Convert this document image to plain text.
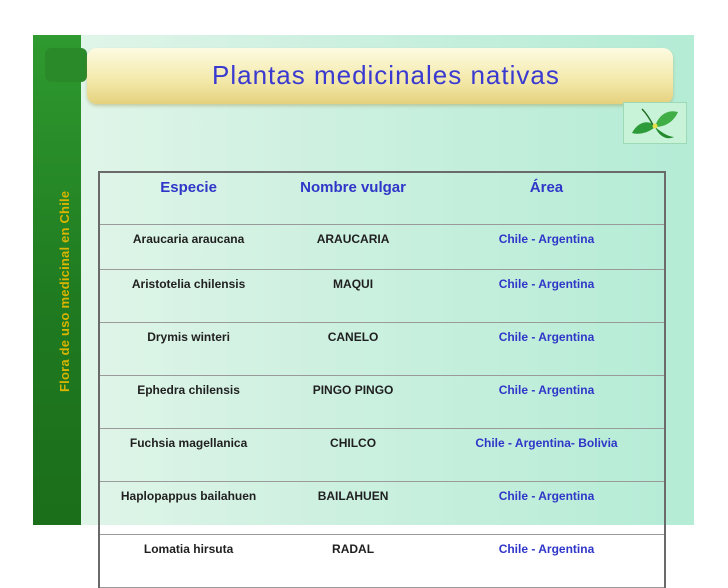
Flora de uso medicinal en Chile
Plantas medicinales nativas
Especie	Nombre vulgar	Área
Araucaria araucana	ARAUCARIA	Chile - Argentina
Aristotelia chilensis	MAQUI	Chile - Argentina
Drymis winteri	CANELO	Chile - Argentina
Ephedra chilensis	PINGO PINGO	Chile - Argentina
Fuchsia magellanica	CHILCO	Chile - Argentina- Bolivia
Haplopappus bailahuen	BAILAHUEN	Chile - Argentina
Lomatia hirsuta	RADAL	Chile - Argentina
